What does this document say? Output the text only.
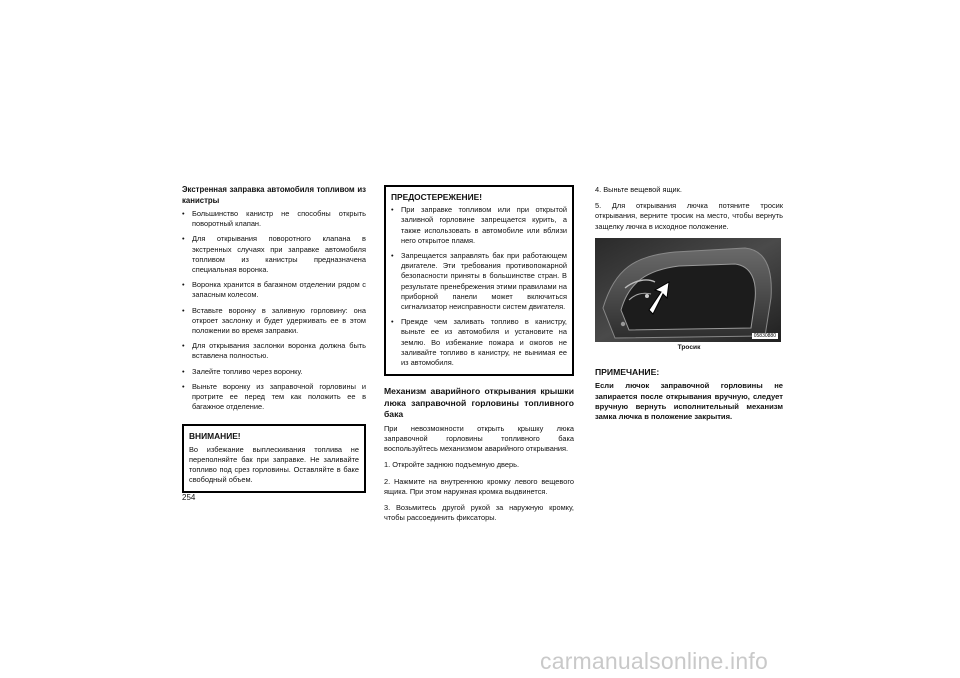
Экстренная заправка автомобиля топливом из канистры
• Большинство канистр не способны открыть поворотный клапан.
• Для открывания поворотного клапана в экстренных случаях при заправке автомобиля топливом из канистры предназначена специальная воронка.
• Воронка хранится в багажном отделении рядом с запасным колесом.
• Вставьте воронку в заливную горловину: она откроет заслонку и будет удерживать ее в этом положении во время заправки.
• Для открывания заслонки воронка должна быть вставлена полностью.
• Залейте топливо через воронку.
• Выньте воронку из заправочной горловины и протрите ее перед тем как положить ее в багажное отделение.
ВНИМАНИЕ!
Во избежание выплескивания топлива не переполняйте бак при заправке. Не заливайте топливо под срез горловины. Оставляйте в баке свободный объем.
ПРЕДОСТЕРЕЖЕНИЕ!
• При заправке топливом или при открытой заливной горловине запрещается курить, а также использовать в автомобиле или вблизи него открытое пламя.
• Запрещается заправлять бак при работающем двигателе. Эти требования противопожарной безопасности приняты в большинстве стран. В результате пренебрежения этими правилами на приборной панели может включиться сигнализатор неисправности систем двигателя.
• Прежде чем заливать топливо в канистру, выньте ее из автомобиля и установите на землю. Во избежание пожара и ожогов не заливайте топливо в канистру, не вынимая ее из автомобиля.
Механизм аварийного открывания крышки люка заправочной горловины топливного бака

При невозможности открыть крышку люка заправочной горловины топливного бака воспользуйтесь механизмом аварийного открывания.

1. Откройте заднюю подъемную дверь.

2. Нажмите на внутреннюю кромку левого вещевого ящика. При этом наружная кромка выдвинется.

3. Возьмитесь другой рукой за наружную кромку, чтобы рассоединить фиксаторы.

4. Выньте вещевой ящик.

5. Для открывания лючка потяните тросик открывания, верните тросик на место, чтобы вернуть защелку лючка в исходное положение.

05830880
Тросик
ПРИМЕЧАНИЕ:
Если лючок заправочной горловины не запирается после открывания вручную, следует вручную вернуть исполнительный механизм замка лючка в положение закрытия.
254
carmanualsonline.info
